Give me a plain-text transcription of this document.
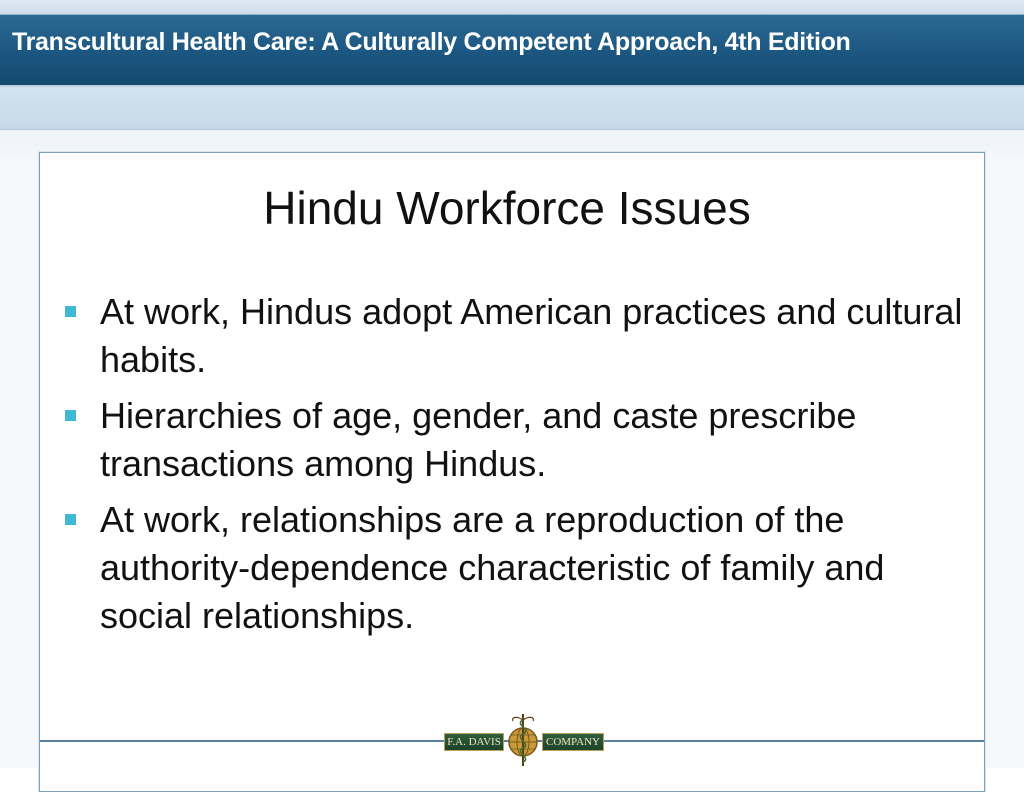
Transcultural Health Care: A Culturally Competent Approach, 4th Edition
Hindu Workforce Issues
At work, Hindus adopt American practices and cultural habits.
Hierarchies of age, gender, and caste prescribe transactions among Hindus.
At work, relationships are a reproduction of the authority-dependence characteristic of family and social relationships.
F.A. DAVIS	COMPANY
